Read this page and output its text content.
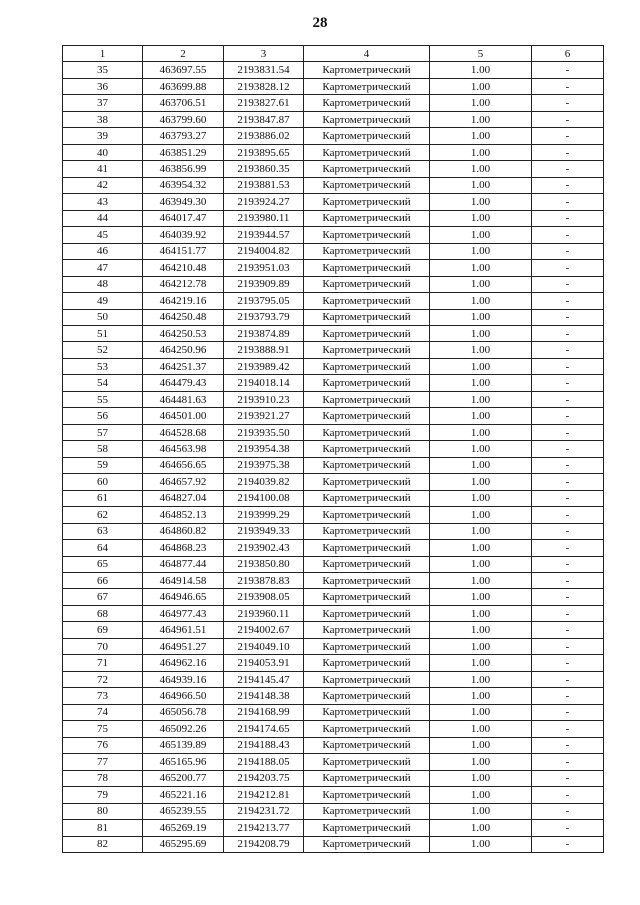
28
1	2	3	4	5	6
35	463697.55	2193831.54	Картометрический	1.00	-
36	463699.88	2193828.12	Картометрический	1.00	-
37	463706.51	2193827.61	Картометрический	1.00	-
38	463799.60	2193847.87	Картометрический	1.00	-
39	463793.27	2193886.02	Картометрический	1.00	-
40	463851.29	2193895.65	Картометрический	1.00	-
41	463856.99	2193860.35	Картометрический	1.00	-
42	463954.32	2193881.53	Картометрический	1.00	-
43	463949.30	2193924.27	Картометрический	1.00	-
44	464017.47	2193980.11	Картометрический	1.00	-
45	464039.92	2193944.57	Картометрический	1.00	-
46	464151.77	2194004.82	Картометрический	1.00	-
47	464210.48	2193951.03	Картометрический	1.00	-
48	464212.78	2193909.89	Картометрический	1.00	-
49	464219.16	2193795.05	Картометрический	1.00	-
50	464250.48	2193793.79	Картометрический	1.00	-
51	464250.53	2193874.89	Картометрический	1.00	-
52	464250.96	2193888.91	Картометрический	1.00	-
53	464251.37	2193989.42	Картометрический	1.00	-
54	464479.43	2194018.14	Картометрический	1.00	-
55	464481.63	2193910.23	Картометрический	1.00	-
56	464501.00	2193921.27	Картометрический	1.00	-
57	464528.68	2193935.50	Картометрический	1.00	-
58	464563.98	2193954.38	Картометрический	1.00	-
59	464656.65	2193975.38	Картометрический	1.00	-
60	464657.92	2194039.82	Картометрический	1.00	-
61	464827.04	2194100.08	Картометрический	1.00	-
62	464852.13	2193999.29	Картометрический	1.00	-
63	464860.82	2193949.33	Картометрический	1.00	-
64	464868.23	2193902.43	Картометрический	1.00	-
65	464877.44	2193850.80	Картометрический	1.00	-
66	464914.58	2193878.83	Картометрический	1.00	-
67	464946.65	2193908.05	Картометрический	1.00	-
68	464977.43	2193960.11	Картометрический	1.00	-
69	464961.51	2194002.67	Картометрический	1.00	-
70	464951.27	2194049.10	Картометрический	1.00	-
71	464962.16	2194053.91	Картометрический	1.00	-
72	464939.16	2194145.47	Картометрический	1.00	-
73	464966.50	2194148.38	Картометрический	1.00	-
74	465056.78	2194168.99	Картометрический	1.00	-
75	465092.26	2194174.65	Картометрический	1.00	-
76	465139.89	2194188.43	Картометрический	1.00	-
77	465165.96	2194188.05	Картометрический	1.00	-
78	465200.77	2194203.75	Картометрический	1.00	-
79	465221.16	2194212.81	Картометрический	1.00	-
80	465239.55	2194231.72	Картометрический	1.00	-
81	465269.19	2194213.77	Картометрический	1.00	-
82	465295.69	2194208.79	Картометрический	1.00	-
